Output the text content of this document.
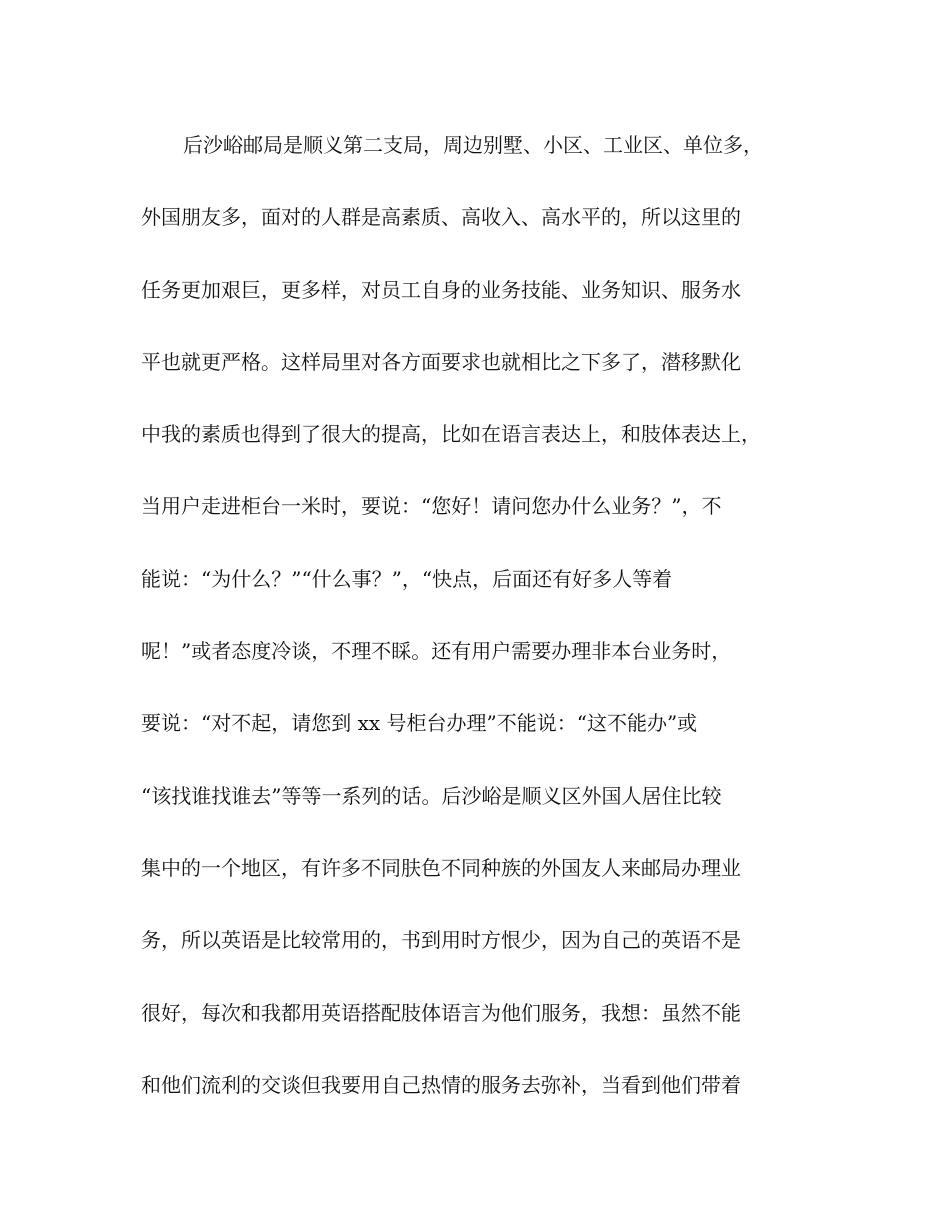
后沙峪邮局是顺义第二支局，周边别墅、小区、工业区、单位多，
外国朋友多，面对的人群是高素质、高收入、高水平的，所以这里的
任务更加艰巨，更多样，对员工自身的业务技能、业务知识、服务水
平也就更严格。这样局里对各方面要求也就相比之下多了，潜移默化
中我的素质也得到了很大的提高，比如在语言表达上，和肢体表达上，
当用户走进柜台一米时，要说：“您好！请问您办什么业务？”，不
能说：“为什么？”“什么事？”，“快点，后面还有好多人等着
呢！”或者态度冷谈，不理不睬。还有用户需要办理非本台业务时，
要说：“对不起，请您到 xx 号柜台办理”不能说：“这不能办”或
“该找谁找谁去”等等一系列的话。后沙峪是顺义区外国人居住比较
集中的一个地区，有许多不同肤色不同种族的外国友人来邮局办理业
务，所以英语是比较常用的，书到用时方恨少，因为自己的英语不是
很好，每次和我都用英语搭配肢体语言为他们服务，我想：虽然不能
和他们流利的交谈但我要用自己热情的服务去弥补，当看到他们带着
